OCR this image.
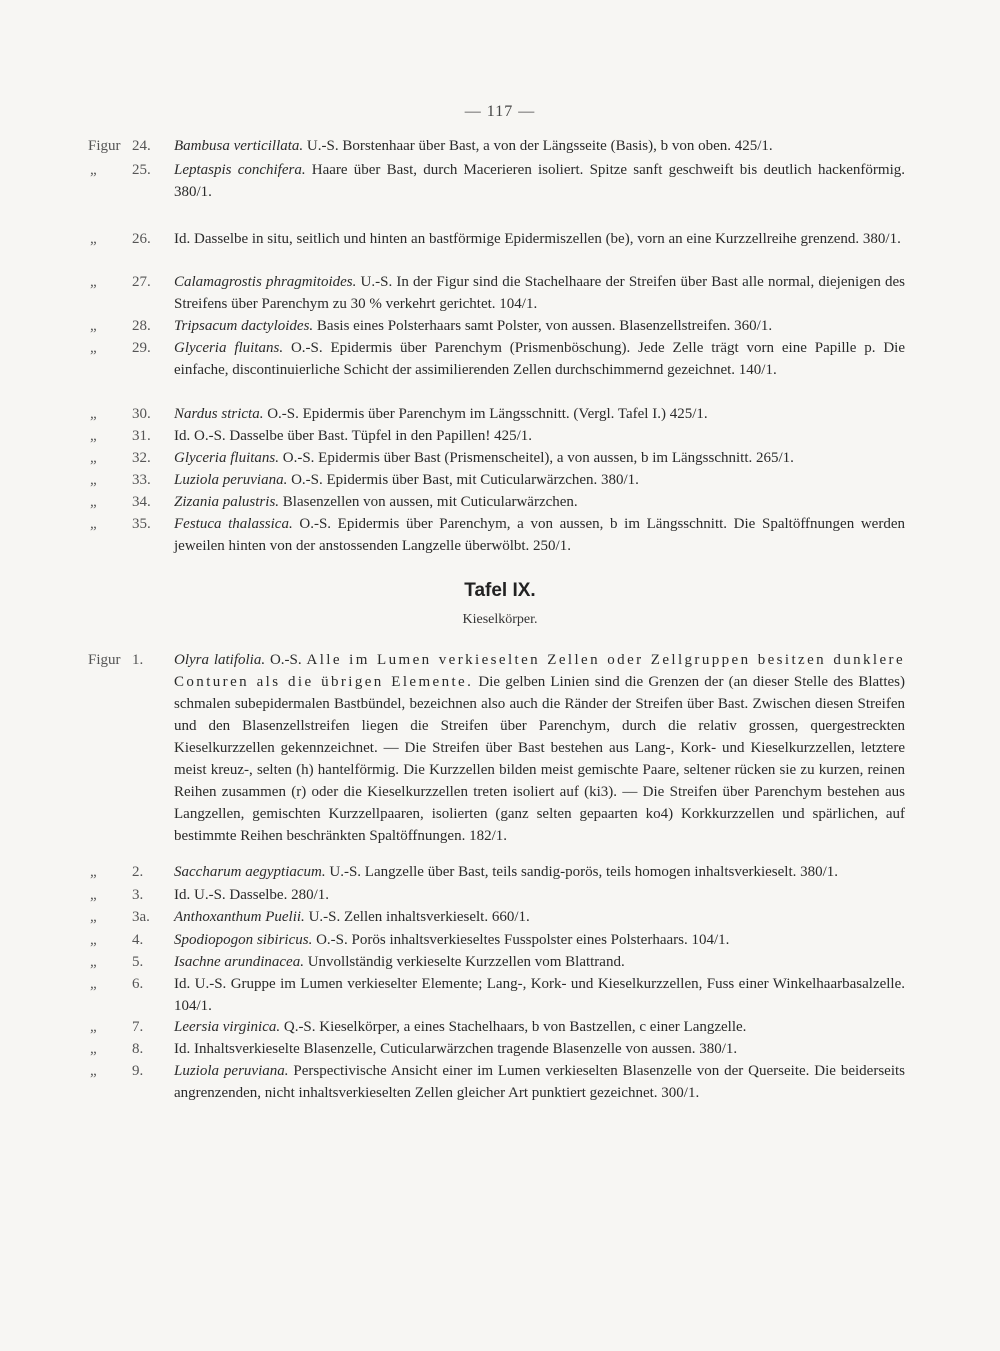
— 117 —
Figur 24.	Bambusa verticillata. U.-S. Borstenhaar über Bast, a von der Längsseite (Basis), b von oben. 425/1.
„	25.	Leptaspis conchifera. Haare über Bast, durch Macerieren isoliert. Spitze sanft geschweift bis deutlich hackenförmig. 380/1.
„	26.	Id. Dasselbe in situ, seitlich und hinten an bastförmige Epidermiszellen (be), vorn an eine Kurzzellreihe grenzend. 380/1.
„	27.	Calamagrostis phragmitoides. U.-S. In der Figur sind die Stachelhaare der Streifen über Bast alle normal, diejenigen des Streifens über Parenchym zu 30 % verkehrt gerichtet. 104/1.
„	28.	Tripsacum dactyloides. Basis eines Polsterhaars samt Polster, von aussen. Blasenzellstreifen. 360/1.
„	29.	Glyceria fluitans. O.-S. Epidermis über Parenchym (Prismenböschung). Jede Zelle trägt vorn eine Papille p. Die einfache, discontinuierliche Schicht der assimilierenden Zellen durchschimmernd gezeichnet. 140/1.
„	30.	Nardus stricta. O.-S. Epidermis über Parenchym im Längsschnitt. (Vergl. Tafel I.) 425/1.
„	31.	Id. O.-S. Dasselbe über Bast. Tüpfel in den Papillen! 425/1.
„	32.	Glyceria fluitans. O.-S. Epidermis über Bast (Prismenscheitel), a von aussen, b im Längsschnitt. 265/1.
„	33.	Luziola peruviana. O.-S. Epidermis über Bast, mit Cuticularwärzchen. 380/1.
„	34.	Zizania palustris. Blasenzellen von aussen, mit Cuticularwärzchen.
„	35.	Festuca thalassica. O.-S. Epidermis über Parenchym, a von aussen, b im Längsschnitt. Die Spaltöffnungen werden jeweilen hinten von der anstossenden Langzelle überwölbt. 250/1.
Tafel IX.
Kieselkörper.
Figur 1.	Olyra latifolia. O.-S. Alle im Lumen verkieselten Zellen oder Zellgruppen besitzen dunklere Conturen als die übrigen Elemente. Die gelben Linien sind die Grenzen der (an dieser Stelle des Blattes) schmalen subepidermalen Bastbündel, bezeichnen also auch die Ränder der Streifen über Bast. Zwischen diesen Streifen und den Blasenzellstreifen liegen die Streifen über Parenchym, durch die relativ grossen, quergestreckten Kieselkurzzellen gekennzeichnet. — Die Streifen über Bast bestehen aus Lang-, Kork- und Kieselkurzzellen, letztere meist kreuz-, selten (h) hantelförmig. Die Kurzzellen bilden meist gemischte Paare, seltener rücken sie zu kurzen, reinen Reihen zusammen (r) oder die Kieselkurzzellen treten isoliert auf (ki3). — Die Streifen über Parenchym bestehen aus Langzellen, gemischten Kurzzellpaaren, isolierten (ganz selten gepaarten ko4) Korkkurzzellen und spärlichen, auf bestimmte Reihen beschränkten Spaltöffnungen. 182/1.
„	2.	Saccharum aegyptiacum. U.-S. Langzelle über Bast, teils sandig-porös, teils homogen inhaltsverkieselt. 380/1.
„	3.	Id. U.-S. Dasselbe. 280/1.
„	3a.	Anthoxanthum Puelii. U.-S. Zellen inhaltsverkieselt. 660/1.
„	4.	Spodiopogon sibiricus. O.-S. Porös inhaltsverkieseltes Fusspolster eines Polsterhaars. 104/1.
„	5.	Isachne arundinacea. Unvollständig verkieselte Kurzzellen vom Blattrand.
„	6.	Id. U.-S. Gruppe im Lumen verkieselter Elemente; Lang-, Kork- und Kieselkurzzellen, Fuss einer Winkelhaarbasalzelle. 104/1.
„	7.	Leersia virginica. Q.-S. Kieselkörper, a eines Stachelhaars, b von Bastzellen, c einer Langzelle.
„	8.	Id. Inhaltsverkieselte Blasenzelle, Cuticularwärzchen tragende Blasenzelle von aussen. 380/1.
„	9.	Luziola peruviana. Perspectivische Ansicht einer im Lumen verkieselten Blasenzelle von der Querseite. Die beiderseits angrenzenden, nicht inhaltsverkieselten Zellen gleicher Art punktiert gezeichnet. 300/1.
